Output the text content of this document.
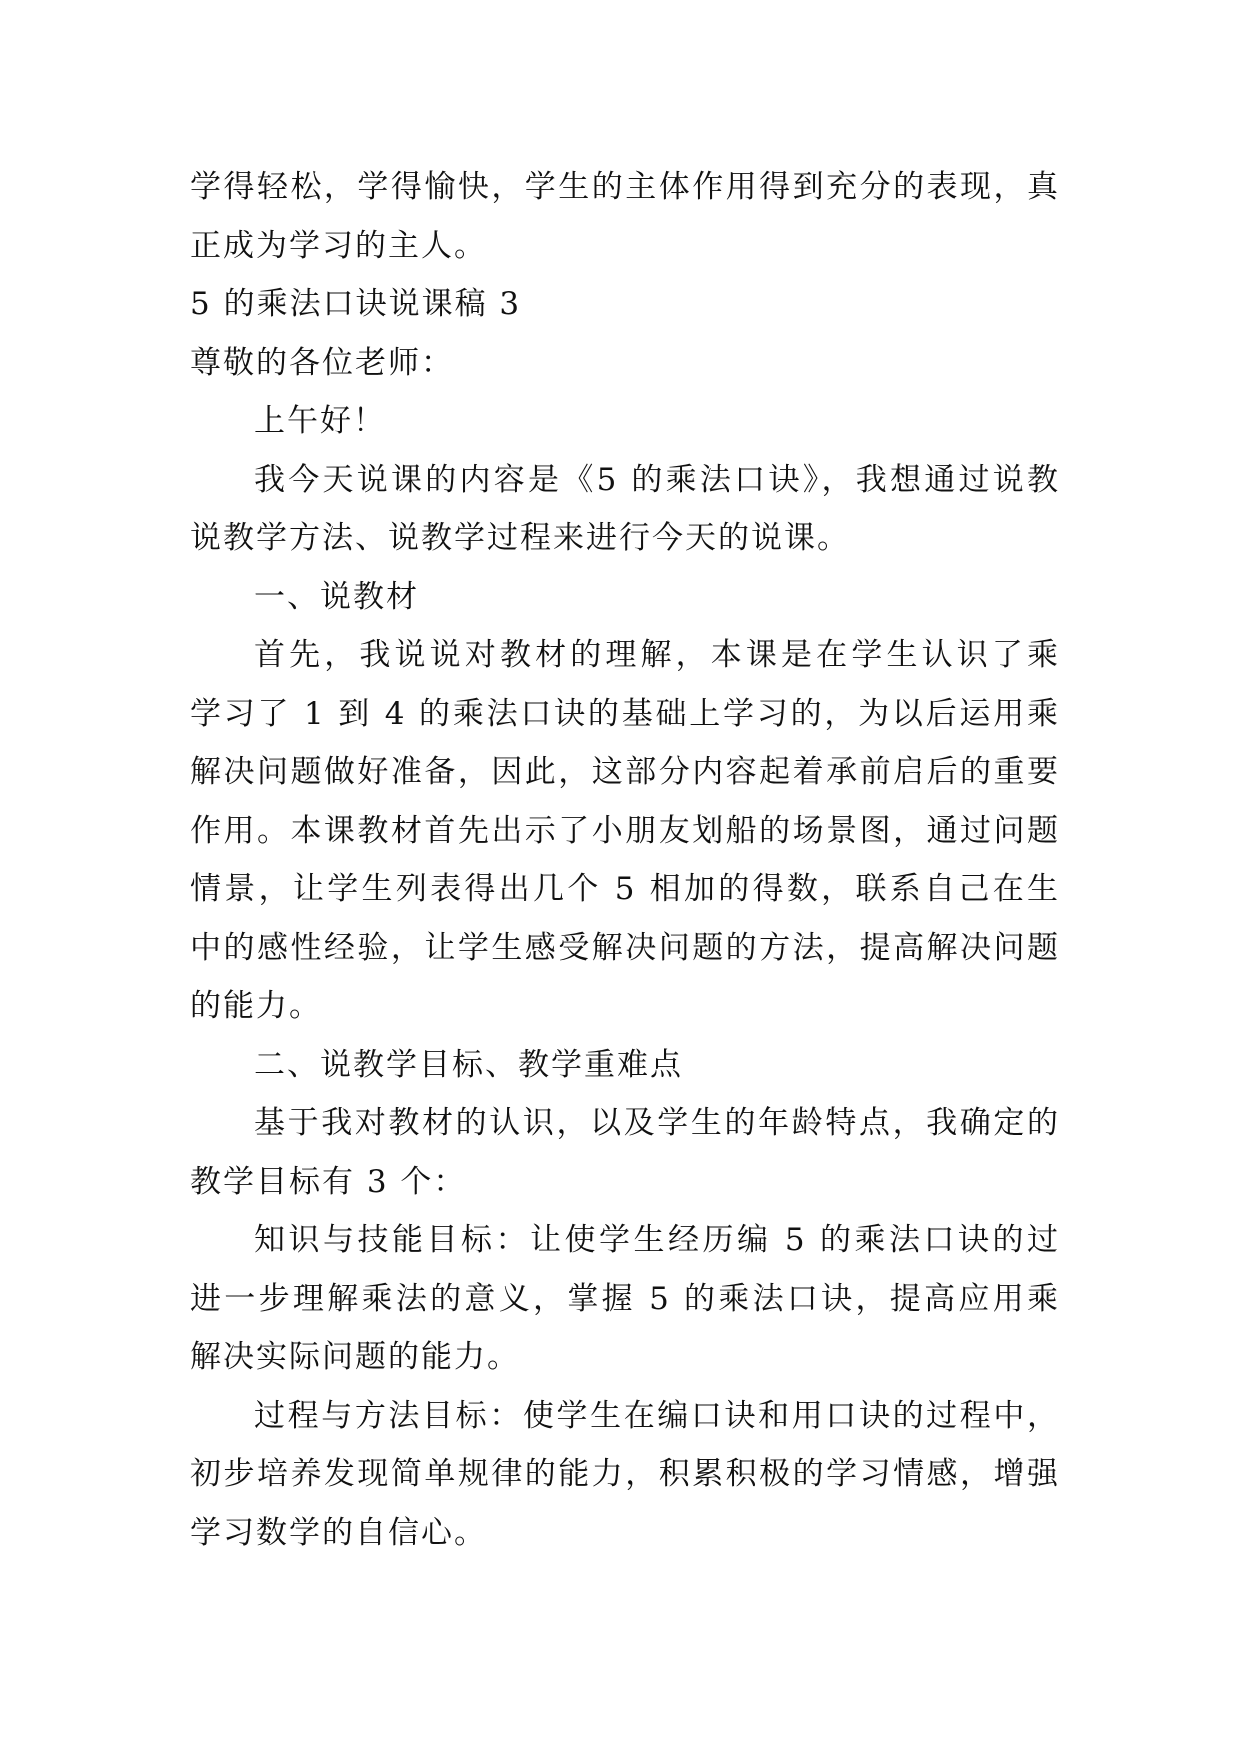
学得轻松，学得愉快，学生的主体作用得到充分的表现，真
正成为学习的主人。
5 的乘法口诀说课稿 3
尊敬的各位老师：
上午好！
我今天说课的内容是《5 的乘法口诀》，我想通过说教
说教学方法、说教学过程来进行今天的说课。
一、说教材
首先，我说说对教材的理解，本课是在学生认识了乘
学习了 1 到 4 的乘法口诀的基础上学习的，为以后运用乘
解决问题做好准备，因此，这部分内容起着承前启后的重要
作用。本课教材首先出示了小朋友划船的场景图，通过问题
情景，让学生列表得出几个 5 相加的得数，联系自己在生
中的感性经验，让学生感受解决问题的方法，提高解决问题
的能力。
二、说教学目标、教学重难点
基于我对教材的认识，以及学生的年龄特点，我确定的
教学目标有 3 个：
知识与技能目标：让使学生经历编 5 的乘法口诀的过
进一步理解乘法的意义，掌握 5 的乘法口诀，提高应用乘
解决实际问题的能力。
过程与方法目标：使学生在编口诀和用口诀的过程中，
初步培养发现简单规律的能力，积累积极的学习情感，增强
学习数学的自信心。
